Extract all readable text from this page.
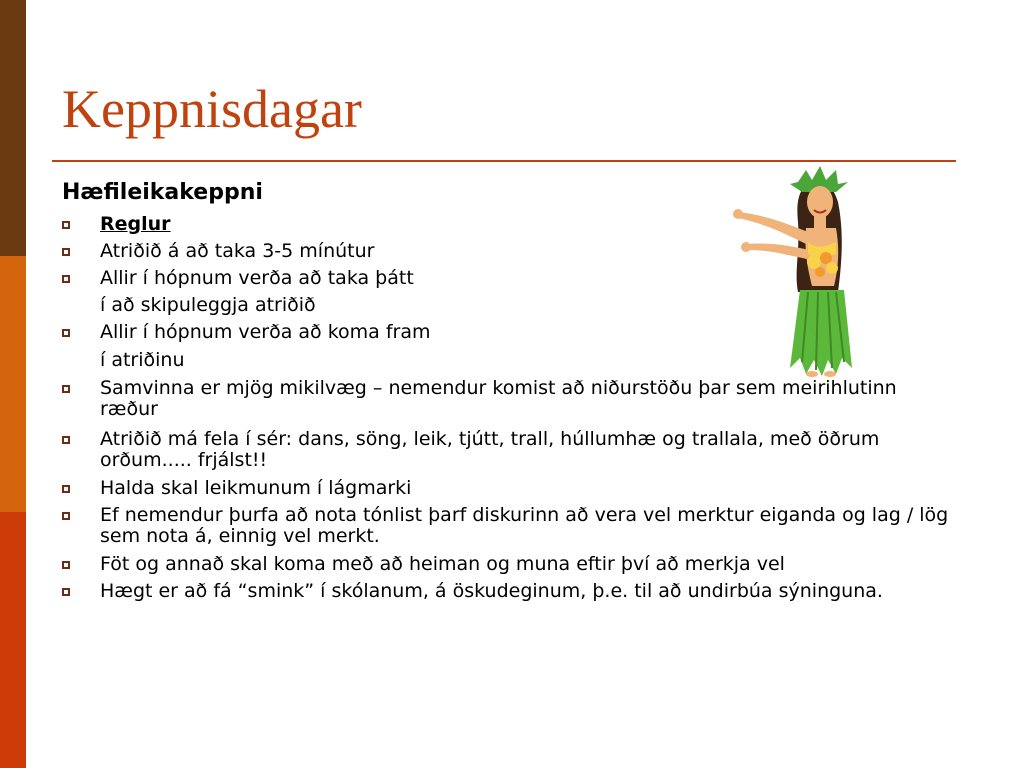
Keppnisdagar
Hæfileikakeppni
Reglur
Atriðið á að taka 3-5 mínútur
Allir í hópnum verða að taka þátt
í að skipuleggja atriðið
Allir í hópnum verða að koma fram
í atriðinu
Samvinna er mjög mikilvæg – nemendur komist að niðurstöðu þar sem meirihlutinn ræður
Atriðið má fela í sér: dans, söng, leik, tjútt, trall, húllumhæ og trallala, með öðrum orðum..... frjálst!!
Halda skal leikmunum í lágmarki
Ef nemendur þurfa að nota tónlist þarf diskurinn að vera vel merktur eiganda og lag / lög sem nota á, einnig vel merkt.
Föt og annað skal koma með að heiman og muna eftir því að merkja vel
Hægt er að fá “smink” í skólanum, á öskudeginum, þ.e. til að undirbúa sýninguna.
